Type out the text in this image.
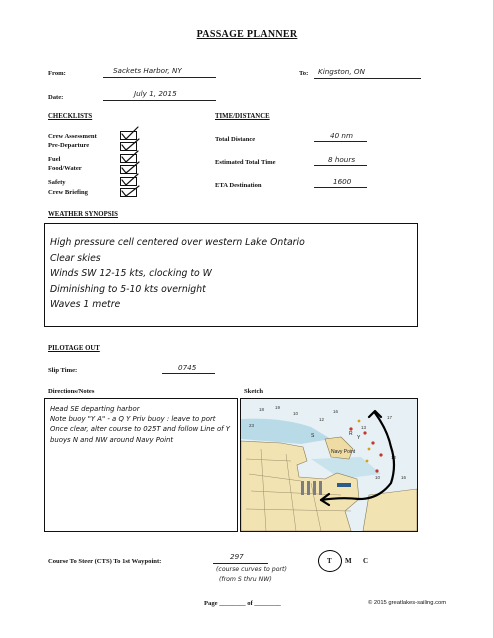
PASSAGE PLANNER
From:	Sackets Harbor, NY	To: Kingston, ON
Date:	July 1, 2015
CHECKLISTS
Crew Assessment
Pre-Departure
Fuel
Food/Water
Safety
Crew Briefing
TIME/DISTANCE
Total Distance	40 nm
Estimated Total Time	8 hours
ETA Destination	1600
WEATHER SYNOPSIS
High pressure cell centered over western Lake Ontario
Clear skies
Winds SW 12-15 kts, clocking to W
Diminishing to 5-10 kts overnight
Waves 1 metre
PILOTAGE OUT
Slip Time:	0745
Directions/Notes
Head SE departing harbor
Note buoy "Y A" - a Q Y Priv buoy : leave to port
Once clear, alter course to 025T and follow Line of Y buoys N and NW around Navy Point
Sketch
18 19
10
23
12
16
13
17
12
10	16
Navy Point
S	R
Y
Course To Steer (CTS) To 1st Waypoint:
297
(course curves to port)
(from S thru NW)
T M C
Page ________ of ________	© 2015 greatlakes-sailing.com
